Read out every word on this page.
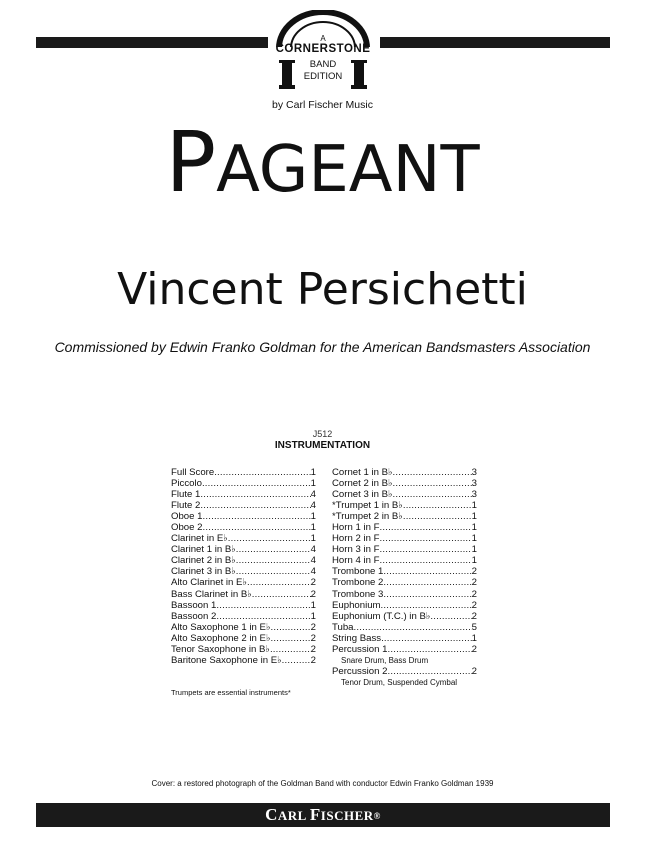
A
CORNERSTONE
BAND
EDITION
by Carl Fischer Music
PAGEANT
Vincent Persichetti
Commissioned by Edwin Franko Goldman for the American Bandsmasters Association
J512
INSTRUMENTATION
Full Score .....	1
Piccolo .....	1
Flute 1 .....	4
Flute 2 .....	4
Oboe 1 .....	1
Oboe 2 .....	1
Clarinet in E♭ .....	1
Clarinet 1 in B♭ .....	4
Clarinet 2 in B♭ .....	4
Clarinet 3 in B♭ .....	4
Alto Clarinet in E♭ .....	2
Bass Clarinet in B♭ .....	2
Bassoon 1 .....	1
Bassoon 2 .....	1
Alto Saxophone 1 in E♭ .....	2
Alto Saxophone 2 in E♭ .....	2
Tenor Saxophone in B♭ .....	2
Baritone Saxophone in E♭ .....	2
Cornet 1 in B♭ .....	3
Cornet 2 in B♭ .....	3
Cornet 3 in B♭ .....	3
*Trumpet 1 in B♭ .....	1
*Trumpet 2 in B♭ .....	1
Horn 1 in F .....	1
Horn 2 in F .....	1
Horn 3 in F .....	1
Horn 4 in F .....	1
Trombone 1 .....	2
Trombone 2 .....	2
Trombone 3 .....	2
Euphonium .....	2
Euphonium (T.C.) in B♭ .....	2
Tuba .....	5
String Bass .....	1
Percussion 1 .....	2
Snare Drum, Bass Drum
Percussion 2 .....	2
Tenor Drum, Suspended Cymbal
Trumpets are essential instruments*
Cover: a restored photograph of the Goldman Band with conductor Edwin Franko Goldman 1939
CARL FISCHER®
